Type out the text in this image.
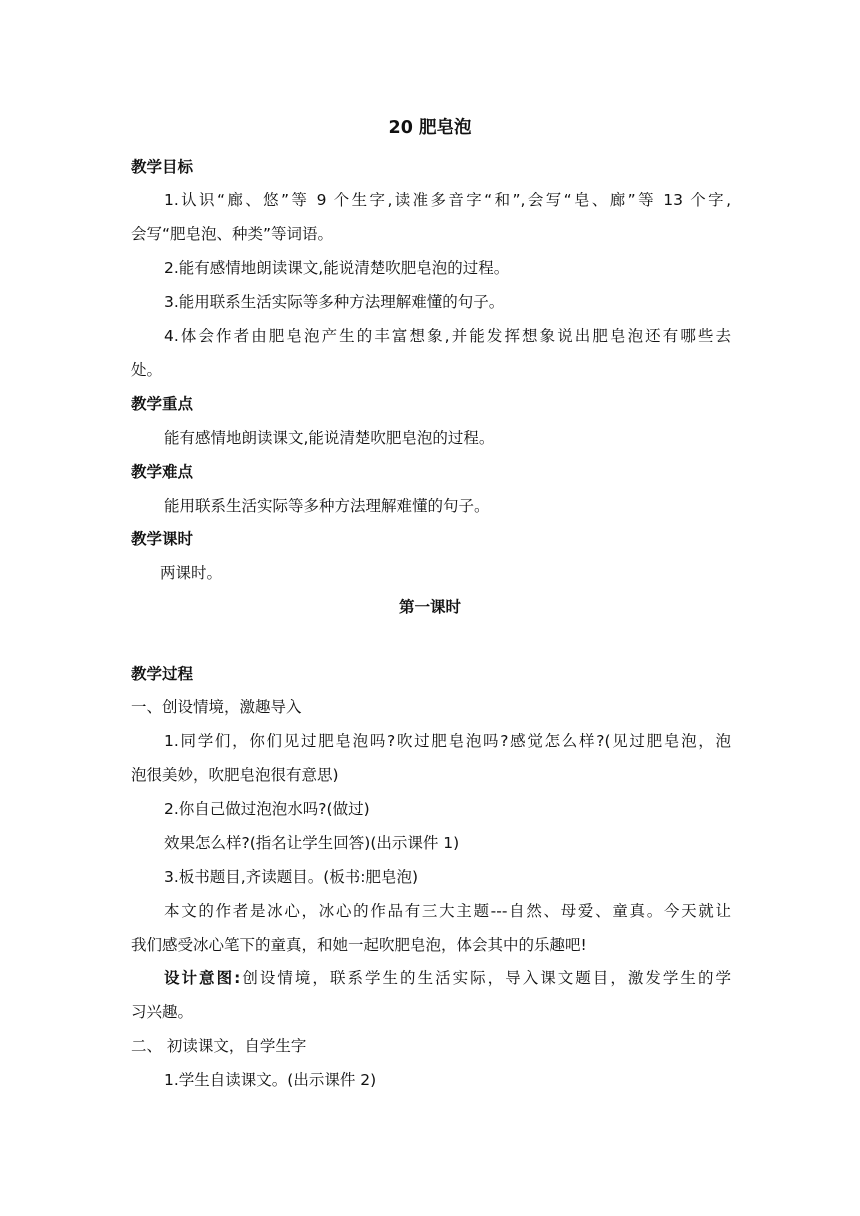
20 肥皂泡
教学目标
1.认识“廊、悠”等 9 个生字,读准多音字“和”,会写“皂、廊”等 13 个字,
会写“肥皂泡、种类”等词语。
2.能有感情地朗读课文,能说清楚吹肥皂泡的过程。
3.能用联系生活实际等多种方法理解难懂的句子。
4.体会作者由肥皂泡产生的丰富想象,并能发挥想象说出肥皂泡还有哪些去
处。
教学重点
能有感情地朗读课文,能说清楚吹肥皂泡的过程。
教学难点
能用联系生活实际等多种方法理解难懂的句子。
教学课时
两课时。
第一课时
教学过程
一、创设情境，激趣导入
1.同学们，你们见过肥皂泡吗?吹过肥皂泡吗?感觉怎么样?(见过肥皂泡，泡
泡很美妙，吹肥皂泡很有意思)
2.你自己做过泡泡水吗?(做过)
效果怎么样?(指名让学生回答)(出示课件 1)
3.板书题目,齐读题目。(板书:肥皂泡)
本文的作者是冰心，冰心的作品有三大主题---自然、母爱、童真。今天就让
我们感受冰心笔下的童真，和她一起吹肥皂泡，体会其中的乐趣吧!
设计意图:创设情境，联系学生的生活实际，导入课文题目，激发学生的学
习兴趣。
二、 初读课文，自学生字
1.学生自读课文。(出示课件 2)
